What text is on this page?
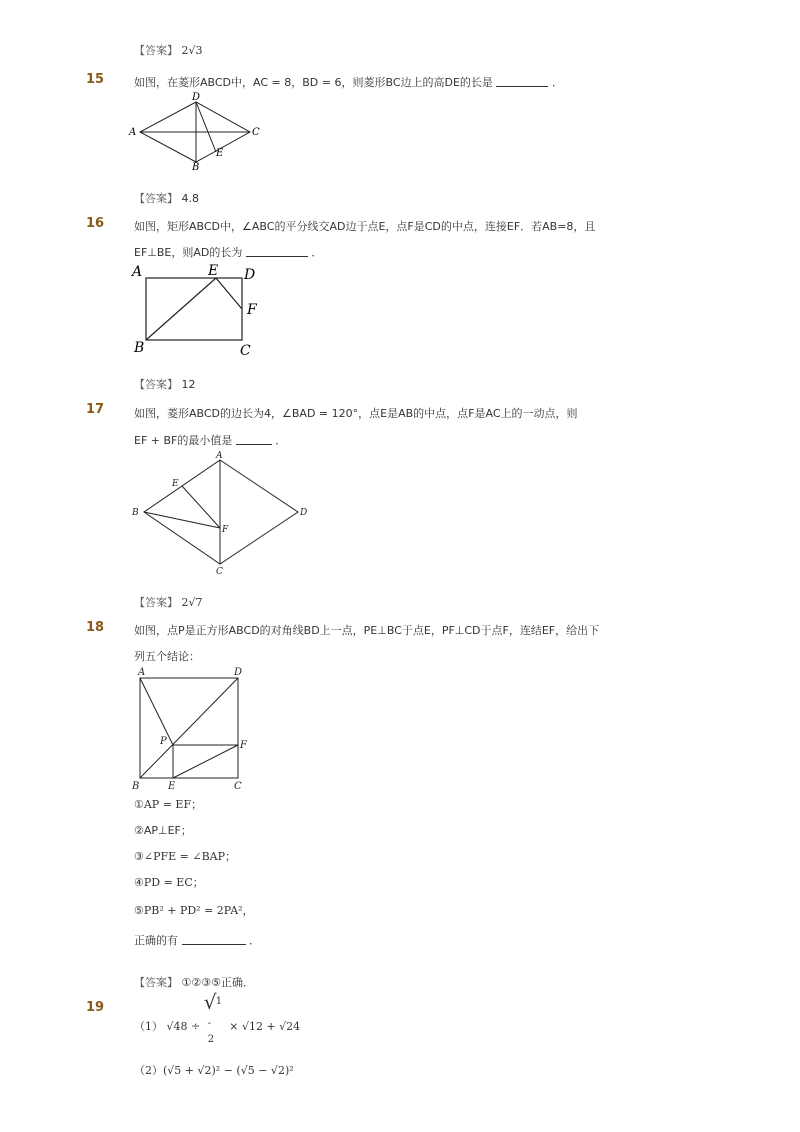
【答案】 2√3
15	如图，在菱形ABCD中，AC = 8，BD = 6，则菱形BC边上的高DE的长是	．
A
D
C
B
E
【答案】 4.8
16	如图，矩形ABCD中，∠ABC的平分线交AD边于点E，点F是CD的中点，连接EF．若AB=8，且
EF⊥BE，则AD的长为	．
A	E D
F
B	C
【答案】 12
17	如图，菱形ABCD的边长为4，∠BAD = 120°，点E是AB的中点，点F是AC上的一动点，则
EF + BF的最小值是	．
A
E
B
F
D
C
【答案】 2√7
18	如图，点P是正方形ABCD的对角线BD上一点，PE⊥BC于点E，PF⊥CD于点F，连结EF，给出下
列五个结论：
A	D
P	F
B	E	C
①AP = EF；
②AP⊥EF；
③∠PFE = ∠BAP；
④PD = EC；
⑤PB² + PD² = 2PA²，
正确的有	．
【答案】 ①②③⑤正确．
19
（1） √48 ÷
√ 1
-
2
× √12 + √24
（2）(√5 + √2)² − (√5 − √2)²
